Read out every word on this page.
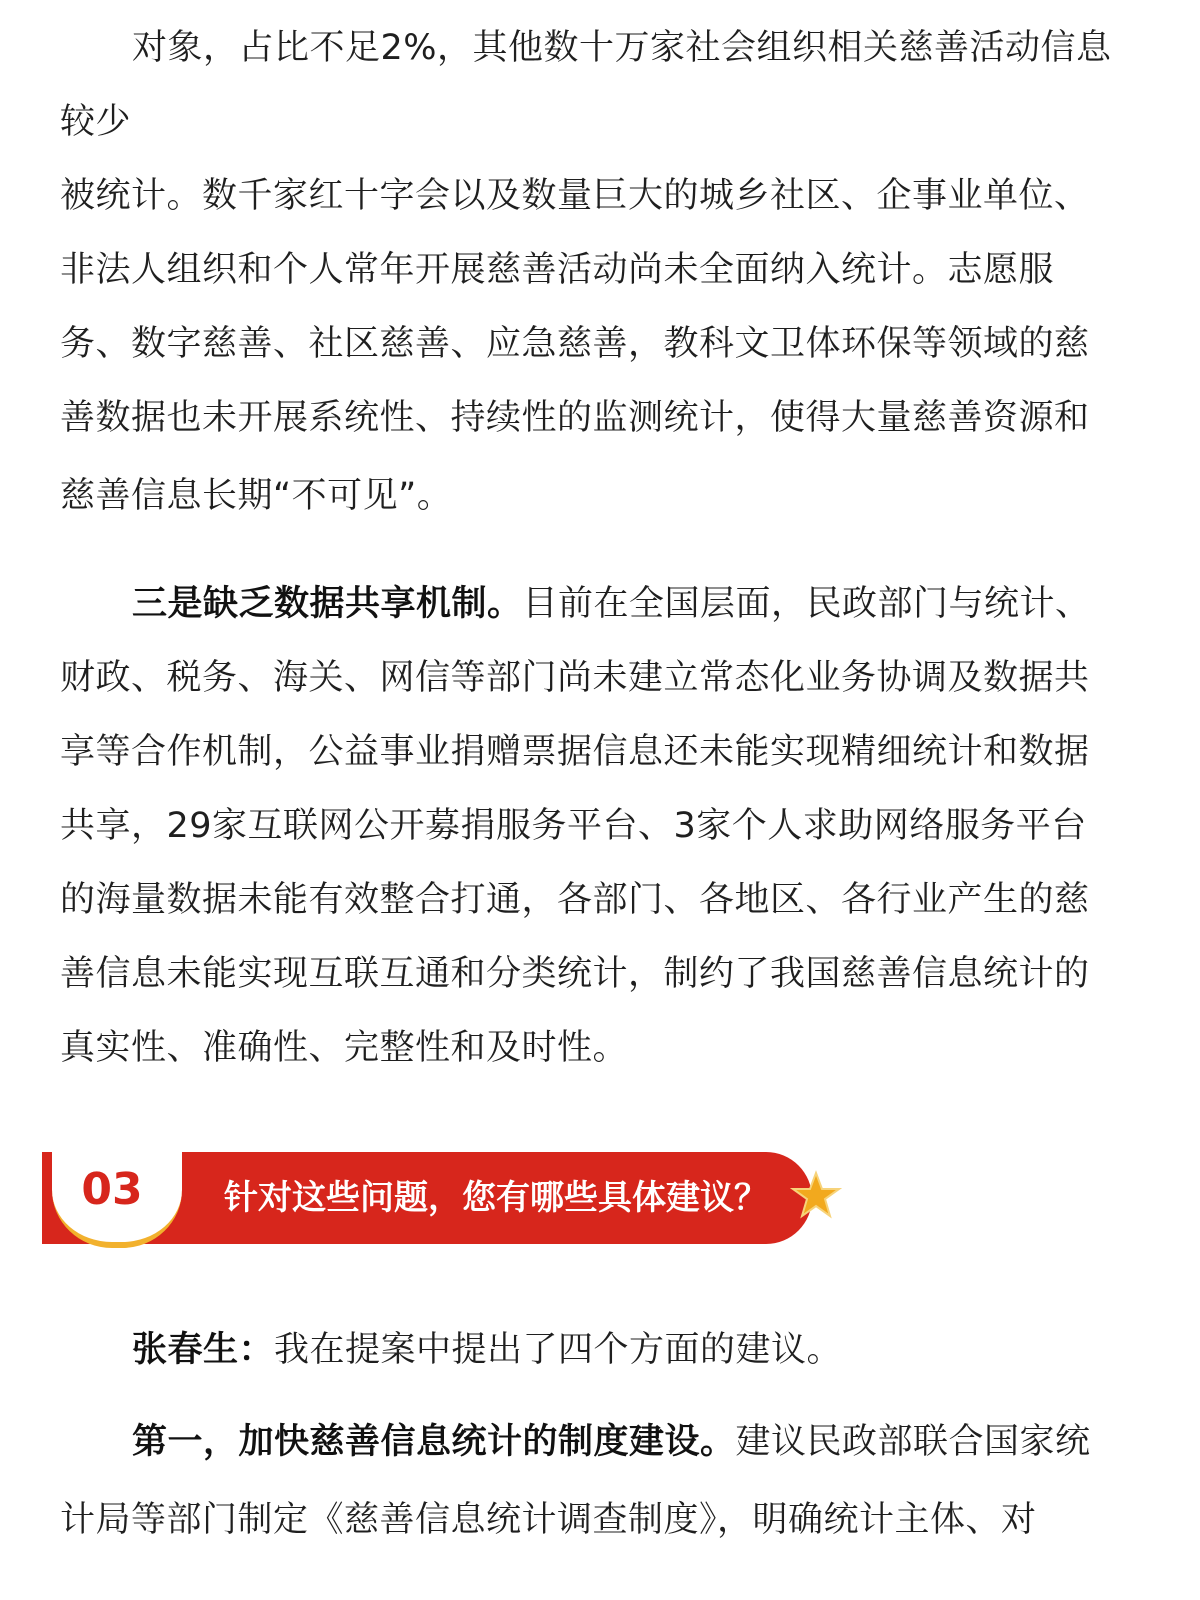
对象，占比不足2%，其他数十万家社会组织相关慈善活动信息
较少
被统计。数千家红十字会以及数量巨大的城乡社区、企事业单位、
非法人组织和个人常年开展慈善活动尚未全面纳入统计。志愿服
务、数字慈善、社区慈善、应急慈善，教科文卫体环保等领域的慈
善数据也未开展系统性、持续性的监测统计，使得大量慈善资源和
慈善信息长期“不可见”。
三是缺乏数据共享机制。目前在全国层面，民政部门与统计、
财政、税务、海关、网信等部门尚未建立常态化业务协调及数据共
享等合作机制，公益事业捐赠票据信息还未能实现精细统计和数据
共享，29家互联网公开募捐服务平台、3家个人求助网络服务平台
的海量数据未能有效整合打通，各部门、各地区、各行业产生的慈
善信息未能实现互联互通和分类统计，制约了我国慈善信息统计的
真实性、准确性、完整性和及时性。
03	针对这些问题，您有哪些具体建议？
张春生：我在提案中提出了四个方面的建议。
第一，加快慈善信息统计的制度建设。建议民政部联合国家统
计局等部门制定《慈善信息统计调查制度》，明确统计主体、对
